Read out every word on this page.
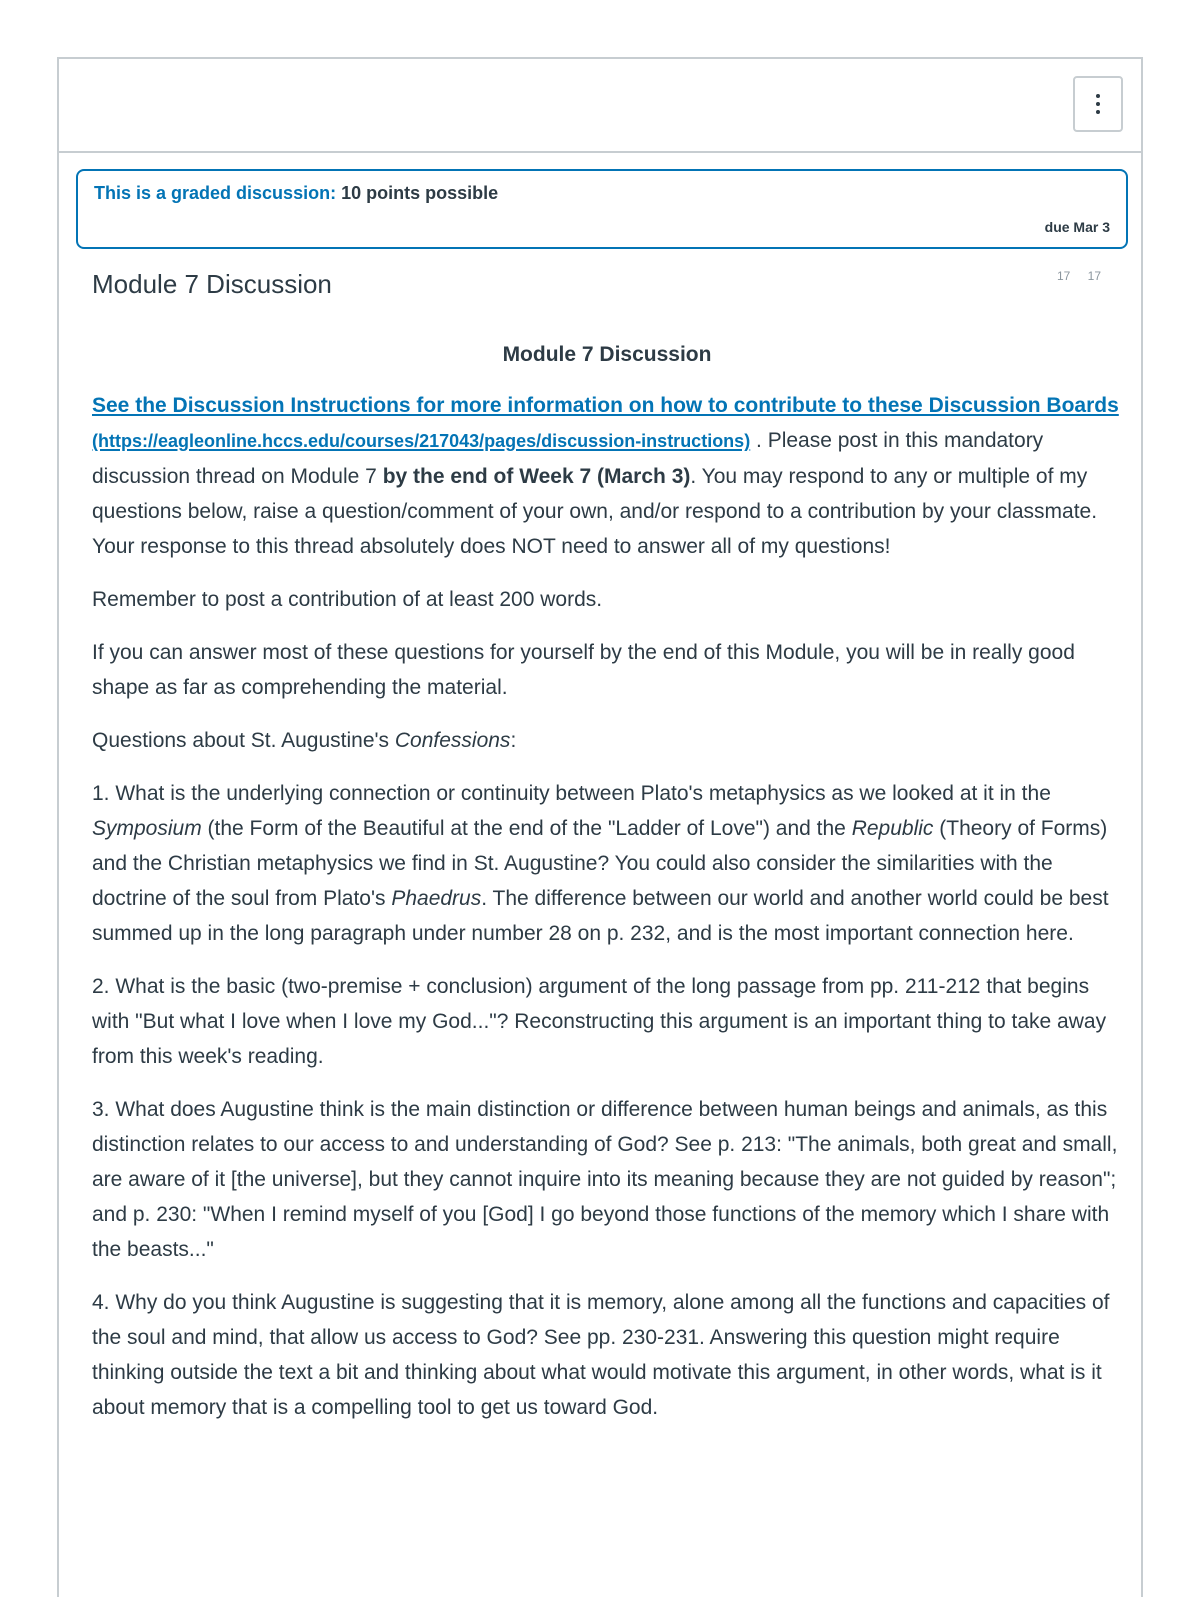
This is a graded discussion: 10 points possible
due Mar 3
Module 7 Discussion	17 17
Module 7 Discussion

See the Discussion Instructions for more information on how to contribute to these Discussion Boards (https://eagleonline.hccs.edu/courses/217043/pages/discussion-instructions) . Please post in this mandatory discussion thread on Module 7 by the end of Week 7 (March 3). You may respond to any or multiple of my questions below, raise a question/comment of your own, and/or respond to a contribution by your classmate. Your response to this thread absolutely does NOT need to answer all of my questions!

Remember to post a contribution of at least 200 words.

If you can answer most of these questions for yourself by the end of this Module, you will be in really good shape as far as comprehending the material.

Questions about St. Augustine's Confessions:

1. What is the underlying connection or continuity between Plato's metaphysics as we looked at it in the Symposium (the Form of the Beautiful at the end of the "Ladder of Love") and the Republic (Theory of Forms) and the Christian metaphysics we find in St. Augustine? You could also consider the similarities with the doctrine of the soul from Plato's Phaedrus. The difference between our world and another world could be best summed up in the long paragraph under number 28 on p. 232, and is the most important connection here.

2. What is the basic (two-premise + conclusion) argument of the long passage from pp. 211-212 that begins with "But what I love when I love my God..."? Reconstructing this argument is an important thing to take away from this week's reading.

3. What does Augustine think is the main distinction or difference between human beings and animals, as this distinction relates to our access to and understanding of God? See p. 213: "The animals, both great and small, are aware of it [the universe], but they cannot inquire into its meaning because they are not guided by reason"; and p. 230: "When I remind myself of you [God] I go beyond those functions of the memory which I share with the beasts..."

4. Why do you think Augustine is suggesting that it is memory, alone among all the functions and capacities of the soul and mind, that allow us access to God? See pp. 230-231. Answering this question might require thinking outside the text a bit and thinking about what would motivate this argument, in other words, what is it about memory that is a compelling tool to get us toward God.
